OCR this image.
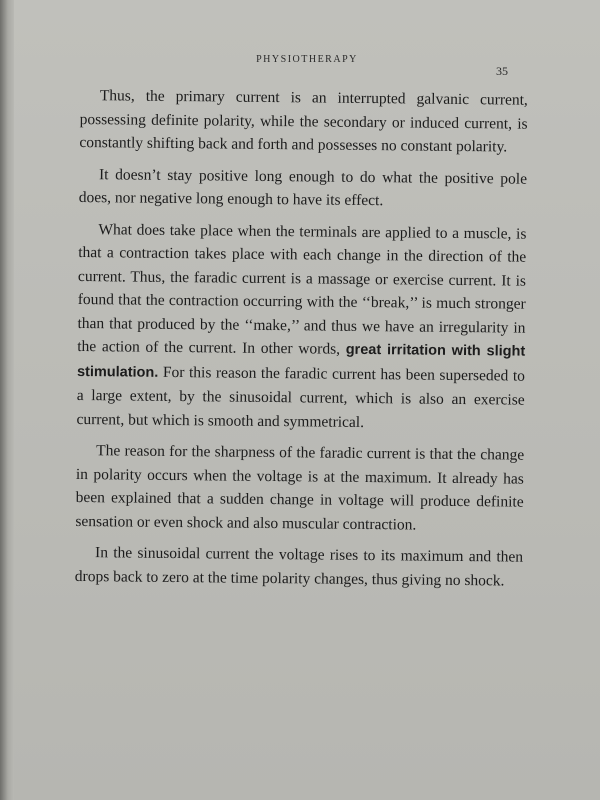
PHYSIOTHERAPY
35

Thus, the primary current is an interrupted galvanic current, possessing definite polarity, while the secondary or induced current, is constantly shifting back and forth and possesses no constant polarity.

It doesn’t stay positive long enough to do what the positive pole does, nor negative long enough to have its effect.

What does take place when the terminals are applied to a muscle, is that a contraction takes place with each change in the direction of the current. Thus, the faradic current is a massage or exercise current. It is found that the contraction occurring with the ‘‘break,’’ is much stronger than that produced by the ‘‘make,’’ and thus we have an irregularity in the action of the current. In other words, great irritation with slight stimulation. For this reason the faradic current has been superseded to a large extent, by the sinusoidal current, which is also an exercise current, but which is smooth and symmetrical.

The reason for the sharpness of the faradic current is that the change in polarity occurs when the voltage is at the maximum. It already has been explained that a sudden change in voltage will produce definite sensation or even shock and also muscular contraction.

In the sinusoidal current the voltage rises to its maximum and then drops back to zero at the time polarity changes, thus giving no shock.
